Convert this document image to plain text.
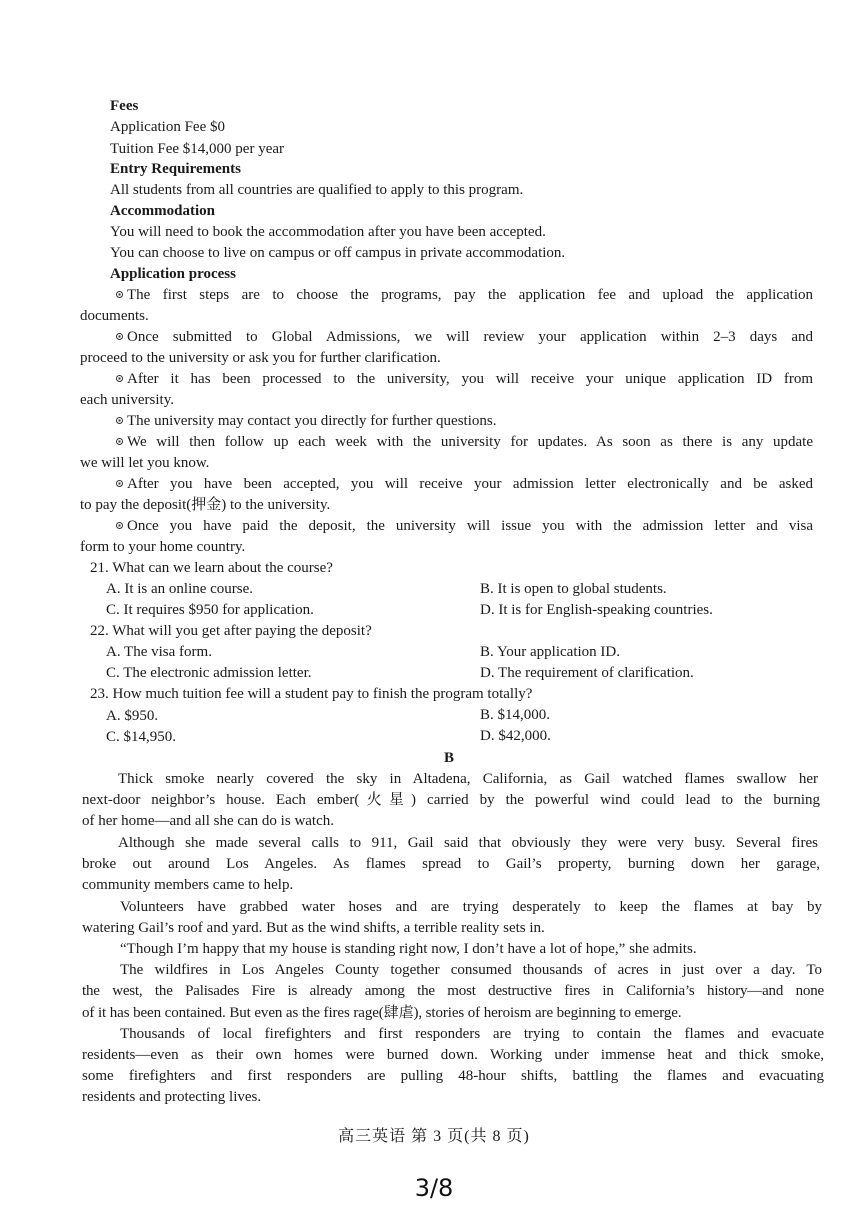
Fees
Application Fee $0
Tuition Fee $14,000 per year
Entry Requirements
All students from all countries are qualified to apply to this program.
Accommodation
You will need to book the accommodation after you have been accepted.
You can choose to live on campus or off campus in private accommodation.
Application process
The first steps are to choose the programs, pay the application fee and upload the application
documents.
Once submitted to Global Admissions, we will review your application within 2–3 days and
proceed to the university or ask you for further clarification.
After it has been processed to the university, you will receive your unique application ID from
each university.
The university may contact you directly for further questions.
We will then follow up each week with the university for updates. As soon as there is any update
we will let you know.
After you have been accepted, you will receive your admission letter electronically and be asked
to pay the deposit(押金) to the university.
Once you have paid the deposit, the university will issue you with the admission letter and visa
form to your home country.
21. What can we learn about the course?
A. It is an online course.	B. It is open to global students.
C. It requires $950 for application.	D. It is for English-speaking countries.
22. What will you get after paying the deposit?
A. The visa form.	B. Your application ID.
C. The electronic admission letter.	D. The requirement of clarification.
23. How much tuition fee will a student pay to finish the program totally?
A. $950.	B. $14,000.
C. $14,950.	D. $42,000.
B
Thick smoke nearly covered the sky in Altadena, California, as Gail watched flames swallow her
next-door neighbor’s house. Each ember(火星) carried by the powerful wind could lead to the burning
of her home—and all she can do is watch.
Although she made several calls to 911, Gail said that obviously they were very busy. Several fires
broke out around Los Angeles. As flames spread to Gail’s property, burning down her garage,
community members came to help.
Volunteers have grabbed water hoses and are trying desperately to keep the flames at bay by
watering Gail’s roof and yard. But as the wind shifts, a terrible reality sets in.
“Though I’m happy that my house is standing right now, I don’t have a lot of hope,” she admits.
The wildfires in Los Angeles County together consumed thousands of acres in just over a day. To
the west, the Palisades Fire is already among the most destructive fires in California’s history—and none
of it has been contained. But even as the fires rage(肆虐), stories of heroism are beginning to emerge.
Thousands of local firefighters and first responders are trying to contain the flames and evacuate
residents—even as their own homes were burned down. Working under immense heat and thick smoke,
some firefighters and first responders are pulling 48-hour shifts, battling the flames and evacuating
residents and protecting lives.
高三英语 第 3 页(共 8 页)
3/8
